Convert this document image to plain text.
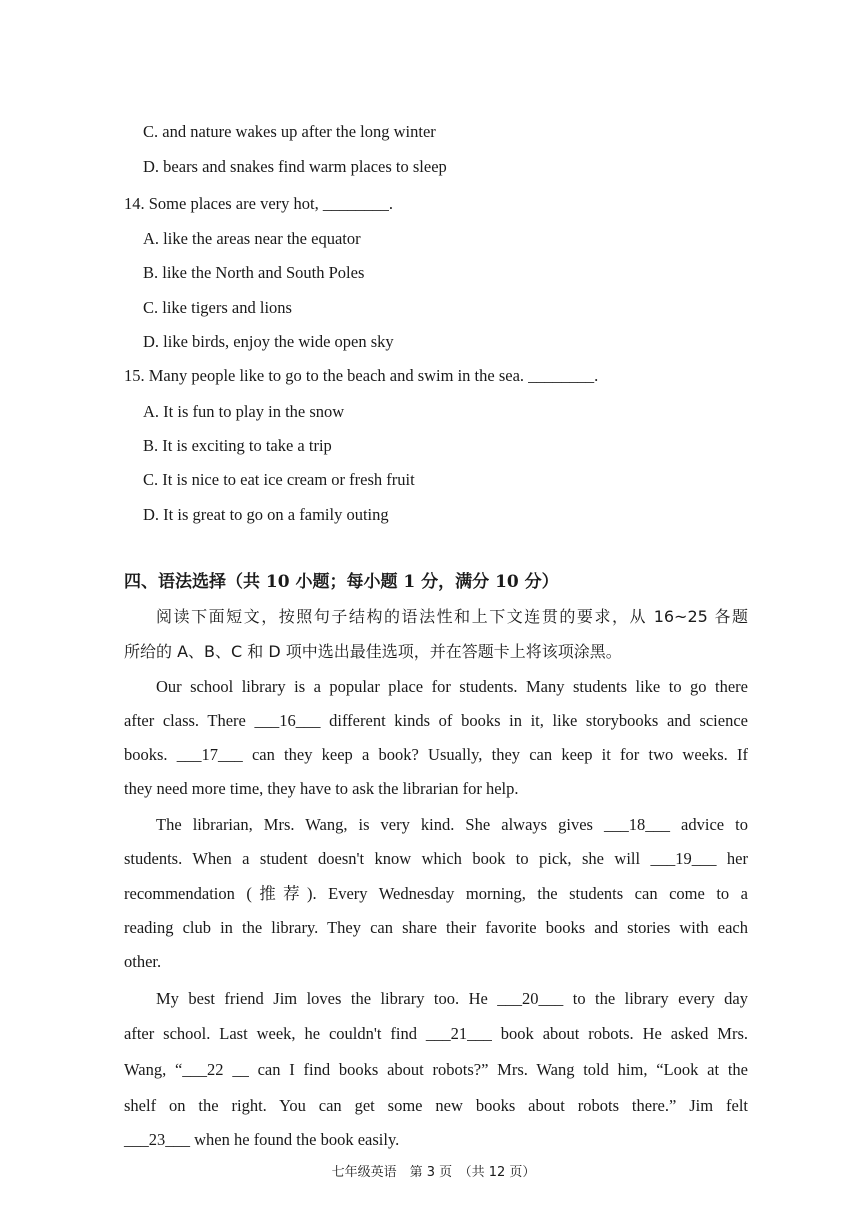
C. and nature wakes up after the long winter
D. bears and snakes find warm places to sleep
14. Some places are very hot, ________.
A. like the areas near the equator
B. like the North and South Poles
C. like tigers and lions
D. like birds, enjoy the wide open sky
15. Many people like to go to the beach and swim in the sea. ________.
A. It is fun to play in the snow
B. It is exciting to take a trip
C. It is nice to eat ice cream or fresh fruit
D. It is great to go on a family outing
四、语法选择（共 10 小题；每小题 1 分，满分 10 分）
阅读下面短文，按照句子结构的语法性和上下文连贯的要求，从 16~25 各题
所给的 A、B、C 和 D 项中选出最佳选项，并在答题卡上将该项涂黑。
Our school library is a popular place for students. Many students like to go there
after class. There ___16___ different kinds of books in it, like storybooks and science
books. ___17___ can they keep a book? Usually, they can keep it for two weeks. If
they need more time, they have to ask the librarian for help.
The librarian, Mrs. Wang, is very kind. She always gives ___18___ advice to
students. When a student doesn't know which book to pick, she will ___19___ her
recommendation (推荐). Every Wednesday morning, the students can come to a
reading club in the library. They can share their favorite books and stories with each
other.
My best friend Jim loves the library too. He ___20___ to the library every day
after school. Last week, he couldn't find ___21___ book about robots. He asked Mrs.
Wang, “___22 __ can I find books about robots?” Mrs. Wang told him, “Look at the
shelf on the right. You can get some new books about robots there.” Jim felt
___23___ when he found the book easily.
七年级英语　第 3 页　（共 12 页）
